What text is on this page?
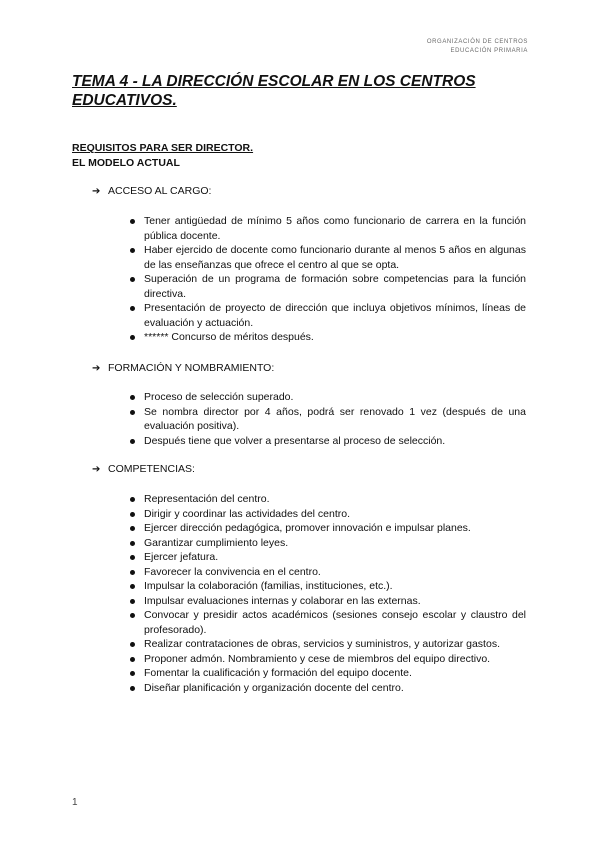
ORGANIZACIÓN DE CENTROS
EDUCACIÓN PRIMARIA
TEMA 4 - LA DIRECCIÓN ESCOLAR EN LOS CENTROS EDUCATIVOS.

REQUISITOS PARA SER DIRECTOR.

EL MODELO ACTUAL

➔ ACCESO AL CARGO:

Tener antigüedad de mínimo 5 años como funcionario de carrera en la función pública docente.
Haber ejercido de docente como funcionario durante al menos 5 años en algunas de las enseñanzas que ofrece el centro al que se opta.
Superación de un programa de formación sobre competencias para la función directiva.
Presentación de proyecto de dirección que incluya objetivos mínimos, líneas de evaluación y actuación.
****** Concurso de méritos después.

➔ FORMACIÓN Y NOMBRAMIENTO:

Proceso de selección superado.
Se nombra director por 4 años, podrá ser renovado 1 vez (después de una evaluación positiva).
Después tiene que volver a presentarse al proceso de selección.

➔ COMPETENCIAS:

Representación del centro.
Dirigir y coordinar las actividades del centro.
Ejercer dirección pedagógica, promover innovación e impulsar planes.
Garantizar cumplimiento leyes.
Ejercer jefatura.
Favorecer la convivencia en el centro.
Impulsar la colaboración (familias, instituciones, etc.).
Impulsar evaluaciones internas y colaborar en las externas.
Convocar y presidir actos académicos (sesiones consejo escolar y claustro del profesorado).
Realizar contrataciones de obras, servicios y suministros, y autorizar gastos.
Proponer admón. Nombramiento y cese de miembros del equipo directivo.
Fomentar la cualificación y formación del equipo docente.
Diseñar planificación y organización docente del centro.
1
